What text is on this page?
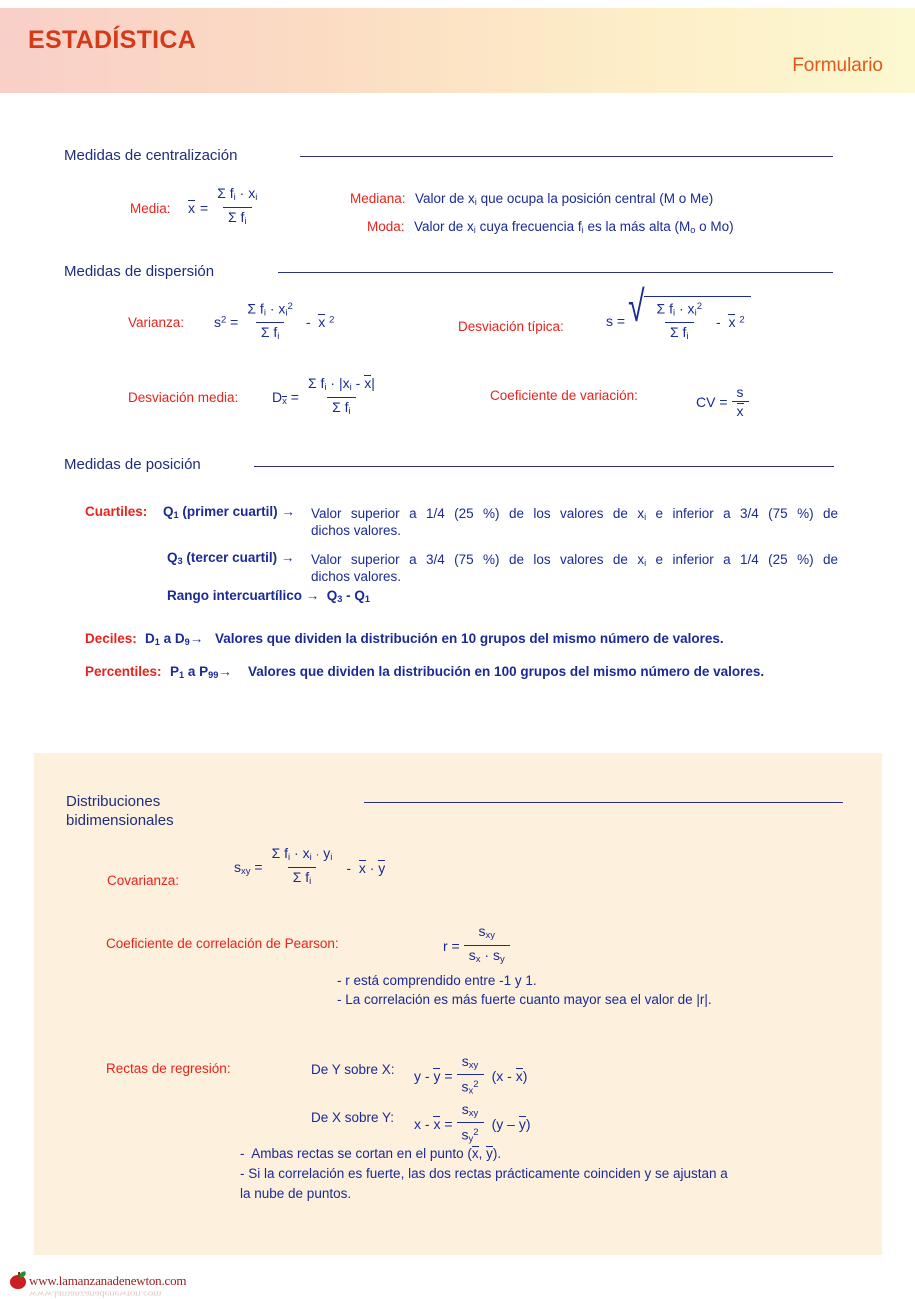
ESTADÍSTICA
Formulario
Medidas de centralización
Media: $x = \frac{\Sigma f_i \cdot x_i}{\Sigma f_i}$	Mediana: Valor de $x_i$ que ocupa la posición central (M o Me)
Moda: Valor de $x_i$ cuya frecuencia $f_i$ es la más alta ($M_o$ o Mo)
Medidas de dispersión
Varianza: $s^2 = \frac{\Sigma f_i \cdot x_i^2}{\Sigma f_i} - x$ $^2$	Desviación típica:	s = √ $\frac{\Sigma f_i \cdot x_i^2}{\Sigma f_i}$ -  x $^2$
Desviación media: $D_x = \frac{\Sigma f_i \cdot |x_i - x|}{\Sigma f_i}$	Coeficiente de variación:	CV = $\frac{s}{x}$
Medidas de posición
Cuartiles: $Q_1$ (primer cuartil) → Valor superior a 1/4 (25 %) de los valores de $x_i$ e inferior a 3/4 (75 %) de
dichos valores.
$Q_3$ (tercer cuartil) → Valor superior a 3/4 (75 %) de los valores de $x_i$ e inferior a 1/4 (25 %) de
dichos valores.
Rango intercuartílico →  $Q_3 - Q_1$
Deciles: $D_1$ a $D_9\to$ Valores que dividen la distribución en 10 grupos del mismo número de valores.
Percentiles: $P_1$ a $P_{99}\to$ Valores que dividen la distribución en 100 grupos del mismo número de valores.
Distribuciones
bidimensionales
Covarianza:
$s_{xy} = \frac{\Sigma f_i \cdot x_i \cdot y_i}{\Sigma f_i} - x \cdot y$
Coeficiente de correlación de Pearson:	$r = \frac{s_{xy}}{s_x \cdot s_y}$
- r está comprendido entre -1 y 1.
- La correlación es más fuerte cuanto mayor sea el valor de |r|.
Rectas de regresión:	De Y sobre X: $y - y = \frac{s_{xy}}{s_x^2} (x - x)$
De X sobre Y: $x - x = \frac{s_{xy}}{s_y^2} (y - y)$
-  Ambas rectas se cortan en el punto (x, y).
- Si la correlación es fuerte, las dos rectas prácticamente coinciden y se ajustan a
la nube de puntos.
www.lamanzanadenewton.com
www.lamanzanadenewton.com
